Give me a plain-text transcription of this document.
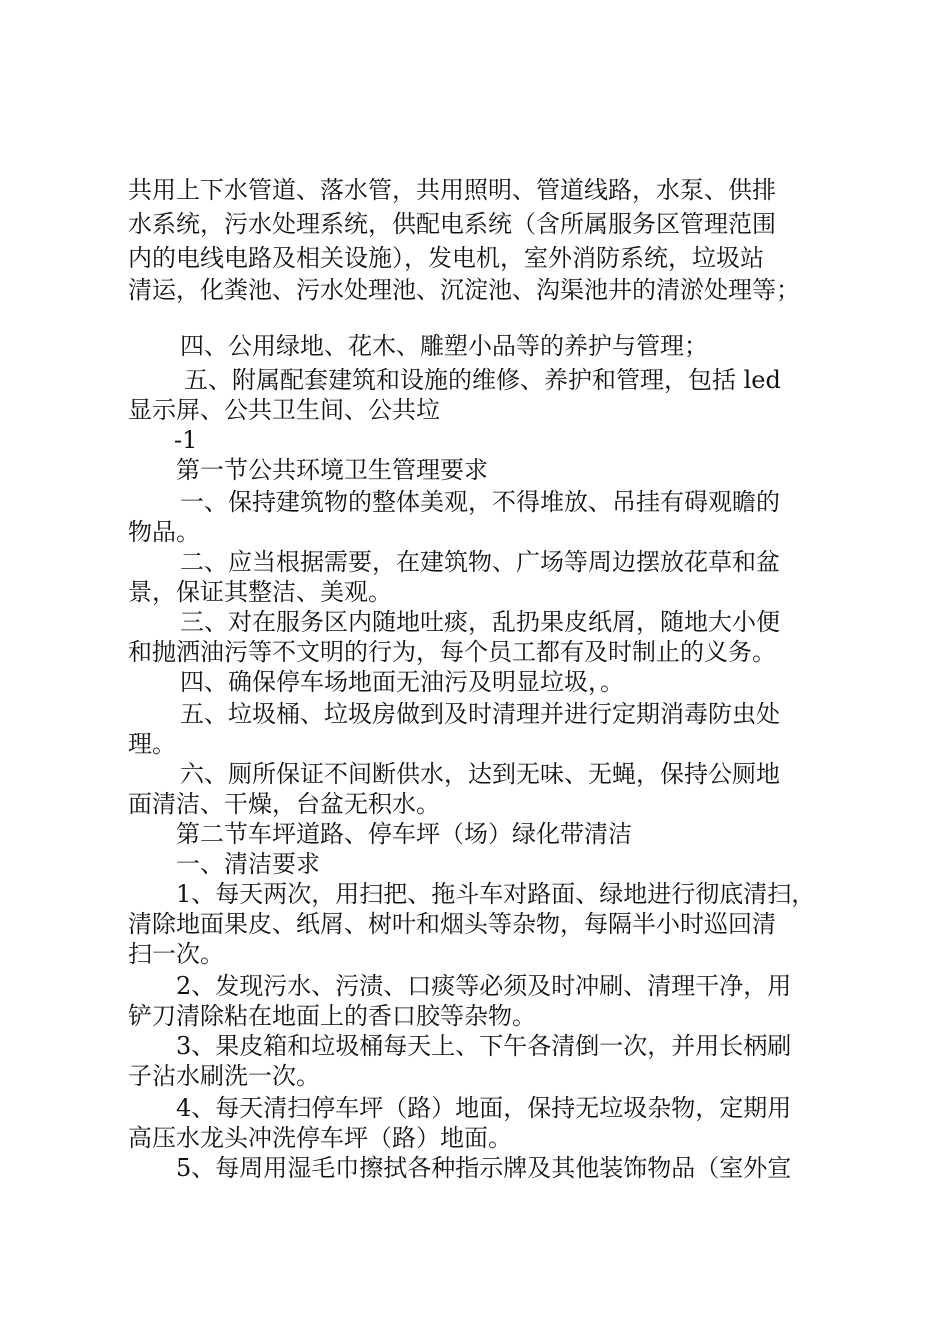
共用上下水管道、落水管，共用照明、管道线路，水泵、供排
水系统，污水处理系统，供配电系统（含所属服务区管理范围
内的电线电路及相关设施），发电机，室外消防系统，垃圾站
清运，化粪池、污水处理池、沉淀池、沟渠池井的清淤处理等；
四、公用绿地、花木、雕塑小品等的养护与管理；
五、附属配套建筑和设施的维修、养护和管理，包括 led
显示屏、公共卫生间、公共垃
-1
第一节公共环境卫生管理要求
一、保持建筑物的整体美观，不得堆放、吊挂有碍观瞻的
物品。
二、应当根据需要，在建筑物、广场等周边摆放花草和盆
景，保证其整洁、美观。
三、对在服务区内随地吐痰，乱扔果皮纸屑，随地大小便
和抛洒油污等不文明的行为，每个员工都有及时制止的义务。
四、确保停车场地面无油污及明显垃圾，。
五、垃圾桶、垃圾房做到及时清理并进行定期消毒防虫处
理。
六、厕所保证不间断供水，达到无味、无蝇，保持公厕地
面清洁、干燥，台盆无积水。
第二节车坪道路、停车坪（场）绿化带清洁
一、清洁要求
1、每天两次，用扫把、拖斗车对路面、绿地进行彻底清扫，
清除地面果皮、纸屑、树叶和烟头等杂物，每隔半小时巡回清
扫一次。
2、发现污水、污渍、口痰等必须及时冲刷、清理干净，用
铲刀清除粘在地面上的香口胶等杂物。
3、果皮箱和垃圾桶每天上、下午各清倒一次，并用长柄刷
子沾水刷洗一次。
4、每天清扫停车坪（路）地面，保持无垃圾杂物，定期用
高压水龙头冲洗停车坪（路）地面。
5、每周用湿毛巾擦拭各种指示牌及其他装饰物品（室外宣
